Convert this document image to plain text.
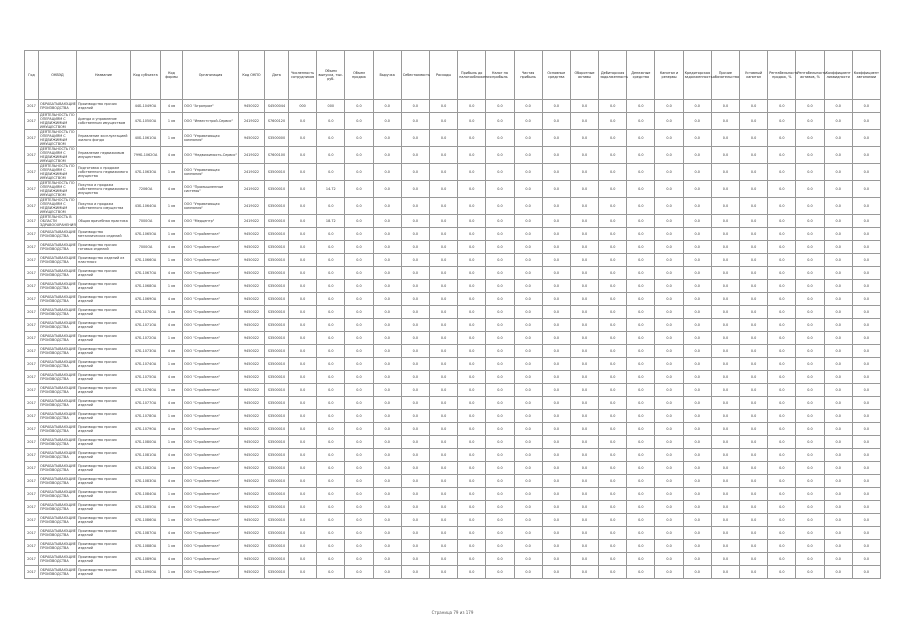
Год	ОКВЭД	Название	Код субъекта	Код формы	Организация	Код ОКПО	Дата	Численность сотрудников	Объем выпуска, тыс. руб.	Объем продаж	Выручка	Себестоимость	Расходы	Прибыль до налогообложения	Налог на прибыль	Чистая прибыль	Основные средства	Оборотные активы	Дебиторская задолженность	Денежные средства	Капитал и резервы	Кредиторская задолженность	Прочие обязательства	Уставный капитал	Рентабельность продаж, %	Рентабельность активов, %	Коэффициент ликвидности	Коэффициент автономии
2017	ОБРАБАТЫВАЮЩИЕ ПРОИЗВОДСТВА	Производство прочих изделий	44Б-1049ОА	4 кв	ООО "Агропром"	9450022	S4500044	000	000	0.0	0.0	0.0	0.0	0.0	0.0	0.0	0.0	0.0	0.0	0.0	0.0	0.0	0.0	0.0	0.0	0.0	0.0	0.0
2017	ДЕЯТЕЛЬНОСТЬ ПО ОПЕРАЦИЯМ С НЕДВИЖИМЫМ ИМУЩЕСТВОМ	Аренда и управление собственным имуществом	47Б-1050ОА	1 кв	ООО "Инвестстрой-Сервис"	2419022	S7600120	0.0	0.0	0.0	0.0	0.0	0.0	0.0	0.0	0.0	0.0	0.0	0.0	0.0	0.0	0.0	0.0	0.0	0.0	0.0	0.0	0.0
2017	ДЕЯТЕЛЬНОСТЬ ПО ОПЕРАЦИЯМ С НЕДВИЖИМЫМ ИМУЩЕСТВОМ	Управление эксплуатацией жилого фонда	40Б-1061ОА	1 кв	ООО "Управляющая компания"	9450022	S3500000	0.0	0.0	0.0	0.0	0.0	0.0	0.0	0.0	0.0	0.0	0.0	0.0	0.0	0.0	0.0	0.0	0.0	0.0	0.0	0.0	0.0
2017	ДЕЯТЕЛЬНОСТЬ ПО ОПЕРАЦИЯМ С НЕДВИЖИМЫМ ИМУЩЕСТВОМ	Управление недвижимым имуществом	799Б-1062ОА	4 кв	ООО "Недвижимость-Сервис"	2419022	S7600100	0.0	0.0	0.0	0.0	0.0	0.0	0.0	0.0	0.0	0.0	0.0	0.0	0.0	0.0	0.0	0.0	0.0	0.0	0.0	0.0	0.0
2017	ДЕЯТЕЛЬНОСТЬ ПО ОПЕРАЦИЯМ С НЕДВИЖИМЫМ ИМУЩЕСТВОМ	Подготовка к продаже собственного недвижимого имущества	47Б-1063ОА	1 кв	ООО "Управляющая компания"	2419022	S3500010	0.0	0.0	0.0	0.0	0.0	0.0	0.0	0.0	0.0	0.0	0.0	0.0	0.0	0.0	0.0	0.0	0.0	0.0	0.0	0.0	0.0
2017	ДЕЯТЕЛЬНОСТЬ ПО ОПЕРАЦИЯМ С НЕДВИЖИМЫМ ИМУЩЕСТВОМ	Покупка и продажа собственного недвижимого имущества	7206ОА	4 кв	ООО "Промышленные системы"	2419022	S3500010	0.0	14.72	0.0	0.0	0.0	0.0	0.0	0.0	0.0	0.0	0.0	0.0	0.0	0.0	0.0	0.0	0.0	0.0	0.0	0.0	0.0
2017	ДЕЯТЕЛЬНОСТЬ ПО ОПЕРАЦИЯМ С НЕДВИЖИМЫМ ИМУЩЕСТВОМ	Покупка и продажа собственного имущества	43Б-1064ОА	1 кв	ООО "Управляющая компания"	2419022	S3500010	0.0	0.0	0.0	0.0	0.0	0.0	0.0	0.0	0.0	0.0	0.0	0.0	0.0	0.0	0.0	0.0	0.0	0.0	0.0	0.0	0.0
2017	ДЕЯТЕЛЬНОСТЬ В ОБЛАСТИ ЗДРАВООХРАНЕНИЯ	Общая врачебная практика	7000ОА	4 кв	ООО "Медцентр"	2419022	S3500010	0.0	18.72	0.0	0.0	0.0	0.0	0.0	0.0	0.0	0.0	0.0	0.0	0.0	0.0	0.0	0.0	0.0	0.0	0.0	0.0	0.0
2017	ОБРАБАТЫВАЮЩИЕ ПРОИЗВОДСТВА	Производство металлических изделий	47Б-1065ОА	1 кв	ООО "Стройметалл"	9450022	S3500010	0.0	0.0	0.0	0.0	0.0	0.0	0.0	0.0	0.0	0.0	0.0	0.0	0.0	0.0	0.0	0.0	0.0	0.0	0.0	0.0	0.0
2017	ОБРАБАТЫВАЮЩИЕ ПРОИЗВОДСТВА	Производство прочих готовых изделий	7000ОА	4 кв	ООО "Стройметалл"	9450022	S3500010	0.0	0.0	0.0	0.0	0.0	0.0	0.0	0.0	0.0	0.0	0.0	0.0	0.0	0.0	0.0	0.0	0.0	0.0	0.0	0.0	0.0
2017	ОБРАБАТЫВАЮЩИЕ ПРОИЗВОДСТВА	Производство изделий из пластмасс	47Б-1066ОА	1 кв	ООО "Стройметалл"	9450022	S3500010	0.0	0.0	0.0	0.0	0.0	0.0	0.0	0.0	0.0	0.0	0.0	0.0	0.0	0.0	0.0	0.0	0.0	0.0	0.0	0.0	0.0
2017	ОБРАБАТЫВАЮЩИЕ ПРОИЗВОДСТВА	Производство прочих изделий	47Б-1067ОА	4 кв	ООО "Стройметалл"	9450022	S3500010	0.0	0.0	0.0	0.0	0.0	0.0	0.0	0.0	0.0	0.0	0.0	0.0	0.0	0.0	0.0	0.0	0.0	0.0	0.0	0.0	0.0
2017	ОБРАБАТЫВАЮЩИЕ ПРОИЗВОДСТВА	Производство прочих изделий	47Б-1068ОА	1 кв	ООО "Стройметалл"	9450022	S3500010	0.0	0.0	0.0	0.0	0.0	0.0	0.0	0.0	0.0	0.0	0.0	0.0	0.0	0.0	0.0	0.0	0.0	0.0	0.0	0.0	0.0
2017	ОБРАБАТЫВАЮЩИЕ ПРОИЗВОДСТВА	Производство прочих изделий	47Б-1069ОА	4 кв	ООО "Стройметалл"	9450022	S3500010	0.0	0.0	0.0	0.0	0.0	0.0	0.0	0.0	0.0	0.0	0.0	0.0	0.0	0.0	0.0	0.0	0.0	0.0	0.0	0.0	0.0
2017	ОБРАБАТЫВАЮЩИЕ ПРОИЗВОДСТВА	Производство прочих изделий	47Б-1070ОА	1 кв	ООО "Стройметалл"	9450022	S3500010	0.0	0.0	0.0	0.0	0.0	0.0	0.0	0.0	0.0	0.0	0.0	0.0	0.0	0.0	0.0	0.0	0.0	0.0	0.0	0.0	0.0
2017	ОБРАБАТЫВАЮЩИЕ ПРОИЗВОДСТВА	Производство прочих изделий	47Б-1071ОА	4 кв	ООО "Стройметалл"	9450022	S3500010	0.0	0.0	0.0	0.0	0.0	0.0	0.0	0.0	0.0	0.0	0.0	0.0	0.0	0.0	0.0	0.0	0.0	0.0	0.0	0.0	0.0
2017	ОБРАБАТЫВАЮЩИЕ ПРОИЗВОДСТВА	Производство прочих изделий	47Б-1072ОА	1 кв	ООО "Стройметалл"	9450022	S3500010	0.0	0.0	0.0	0.0	0.0	0.0	0.0	0.0	0.0	0.0	0.0	0.0	0.0	0.0	0.0	0.0	0.0	0.0	0.0	0.0	0.0
2017	ОБРАБАТЫВАЮЩИЕ ПРОИЗВОДСТВА	Производство прочих изделий	47Б-1073ОА	4 кв	ООО "Стройметалл"	9450022	S3500010	0.0	0.0	0.0	0.0	0.0	0.0	0.0	0.0	0.0	0.0	0.0	0.0	0.0	0.0	0.0	0.0	0.0	0.0	0.0	0.0	0.0
2017	ОБРАБАТЫВАЮЩИЕ ПРОИЗВОДСТВА	Производство прочих изделий	47Б-1074ОА	1 кв	ООО "Стройметалл"	9450022	S3500010	0.0	0.0	0.0	0.0	0.0	0.0	0.0	0.0	0.0	0.0	0.0	0.0	0.0	0.0	0.0	0.0	0.0	0.0	0.0	0.0	0.0
2017	ОБРАБАТЫВАЮЩИЕ ПРОИЗВОДСТВА	Производство прочих изделий	47Б-1075ОА	4 кв	ООО "Стройметалл"	9450022	S3500010	0.0	0.0	0.0	0.0	0.0	0.0	0.0	0.0	0.0	0.0	0.0	0.0	0.0	0.0	0.0	0.0	0.0	0.0	0.0	0.0	0.0
2017	ОБРАБАТЫВАЮЩИЕ ПРОИЗВОДСТВА	Производство прочих изделий	47Б-1076ОА	1 кв	ООО "Стройметалл"	9450022	S3500010	0.0	0.0	0.0	0.0	0.0	0.0	0.0	0.0	0.0	0.0	0.0	0.0	0.0	0.0	0.0	0.0	0.0	0.0	0.0	0.0	0.0
2017	ОБРАБАТЫВАЮЩИЕ ПРОИЗВОДСТВА	Производство прочих изделий	47Б-1077ОА	4 кв	ООО "Стройметалл"	9450022	S3500010	0.0	0.0	0.0	0.0	0.0	0.0	0.0	0.0	0.0	0.0	0.0	0.0	0.0	0.0	0.0	0.0	0.0	0.0	0.0	0.0	0.0
2017	ОБРАБАТЫВАЮЩИЕ ПРОИЗВОДСТВА	Производство прочих изделий	47Б-1078ОА	1 кв	ООО "Стройметалл"	9450022	S3500010	0.0	0.0	0.0	0.0	0.0	0.0	0.0	0.0	0.0	0.0	0.0	0.0	0.0	0.0	0.0	0.0	0.0	0.0	0.0	0.0	0.0
2017	ОБРАБАТЫВАЮЩИЕ ПРОИЗВОДСТВА	Производство прочих изделий	47Б-1079ОА	4 кв	ООО "Стройметалл"	9450022	S3500010	0.0	0.0	0.0	0.0	0.0	0.0	0.0	0.0	0.0	0.0	0.0	0.0	0.0	0.0	0.0	0.0	0.0	0.0	0.0	0.0	0.0
2017	ОБРАБАТЫВАЮЩИЕ ПРОИЗВОДСТВА	Производство прочих изделий	47Б-1080ОА	1 кв	ООО "Стройметалл"	9450022	S3500010	0.0	0.0	0.0	0.0	0.0	0.0	0.0	0.0	0.0	0.0	0.0	0.0	0.0	0.0	0.0	0.0	0.0	0.0	0.0	0.0	0.0
2017	ОБРАБАТЫВАЮЩИЕ ПРОИЗВОДСТВА	Производство прочих изделий	47Б-1081ОА	4 кв	ООО "Стройметалл"	9450022	S3500010	0.0	0.0	0.0	0.0	0.0	0.0	0.0	0.0	0.0	0.0	0.0	0.0	0.0	0.0	0.0	0.0	0.0	0.0	0.0	0.0	0.0
2017	ОБРАБАТЫВАЮЩИЕ ПРОИЗВОДСТВА	Производство прочих изделий	47Б-1082ОА	1 кв	ООО "Стройметалл"	9450022	S3500010	0.0	0.0	0.0	0.0	0.0	0.0	0.0	0.0	0.0	0.0	0.0	0.0	0.0	0.0	0.0	0.0	0.0	0.0	0.0	0.0	0.0
2017	ОБРАБАТЫВАЮЩИЕ ПРОИЗВОДСТВА	Производство прочих изделий	47Б-1083ОА	4 кв	ООО "Стройметалл"	9450022	S3500010	0.0	0.0	0.0	0.0	0.0	0.0	0.0	0.0	0.0	0.0	0.0	0.0	0.0	0.0	0.0	0.0	0.0	0.0	0.0	0.0	0.0
2017	ОБРАБАТЫВАЮЩИЕ ПРОИЗВОДСТВА	Производство прочих изделий	47Б-1084ОА	1 кв	ООО "Стройметалл"	9450022	S3500010	0.0	0.0	0.0	0.0	0.0	0.0	0.0	0.0	0.0	0.0	0.0	0.0	0.0	0.0	0.0	0.0	0.0	0.0	0.0	0.0	0.0
2017	ОБРАБАТЫВАЮЩИЕ ПРОИЗВОДСТВА	Производство прочих изделий	47Б-1085ОА	4 кв	ООО "Стройметалл"	9450022	S3500010	0.0	0.0	0.0	0.0	0.0	0.0	0.0	0.0	0.0	0.0	0.0	0.0	0.0	0.0	0.0	0.0	0.0	0.0	0.0	0.0	0.0
2017	ОБРАБАТЫВАЮЩИЕ ПРОИЗВОДСТВА	Производство прочих изделий	47Б-1086ОА	1 кв	ООО "Стройметалл"	9450022	S3500010	0.0	0.0	0.0	0.0	0.0	0.0	0.0	0.0	0.0	0.0	0.0	0.0	0.0	0.0	0.0	0.0	0.0	0.0	0.0	0.0	0.0
2017	ОБРАБАТЫВАЮЩИЕ ПРОИЗВОДСТВА	Производство прочих изделий	47Б-1087ОА	4 кв	ООО "Стройметалл"	9450022	S3500010	0.0	0.0	0.0	0.0	0.0	0.0	0.0	0.0	0.0	0.0	0.0	0.0	0.0	0.0	0.0	0.0	0.0	0.0	0.0	0.0	0.0
2017	ОБРАБАТЫВАЮЩИЕ ПРОИЗВОДСТВА	Производство прочих изделий	47Б-1088ОА	1 кв	ООО "Стройметалл"	9450022	S3500010	0.0	0.0	0.0	0.0	0.0	0.0	0.0	0.0	0.0	0.0	0.0	0.0	0.0	0.0	0.0	0.0	0.0	0.0	0.0	0.0	0.0
2017	ОБРАБАТЫВАЮЩИЕ ПРОИЗВОДСТВА	Производство прочих изделий	47Б-1089ОА	4 кв	ООО "Стройметалл"	9450022	S3500010	0.0	0.0	0.0	0.0	0.0	0.0	0.0	0.0	0.0	0.0	0.0	0.0	0.0	0.0	0.0	0.0	0.0	0.0	0.0	0.0	0.0
2017	ОБРАБАТЫВАЮЩИЕ ПРОИЗВОДСТВА	Производство прочих изделий	47Б-1090ОА	1 кв	ООО "Стройметалл"	9450022	S3500010	0.0	0.0	0.0	0.0	0.0	0.0	0.0	0.0	0.0	0.0	0.0	0.0	0.0	0.0	0.0	0.0	0.0	0.0	0.0	0.0	0.0
Страница 79 из 179
